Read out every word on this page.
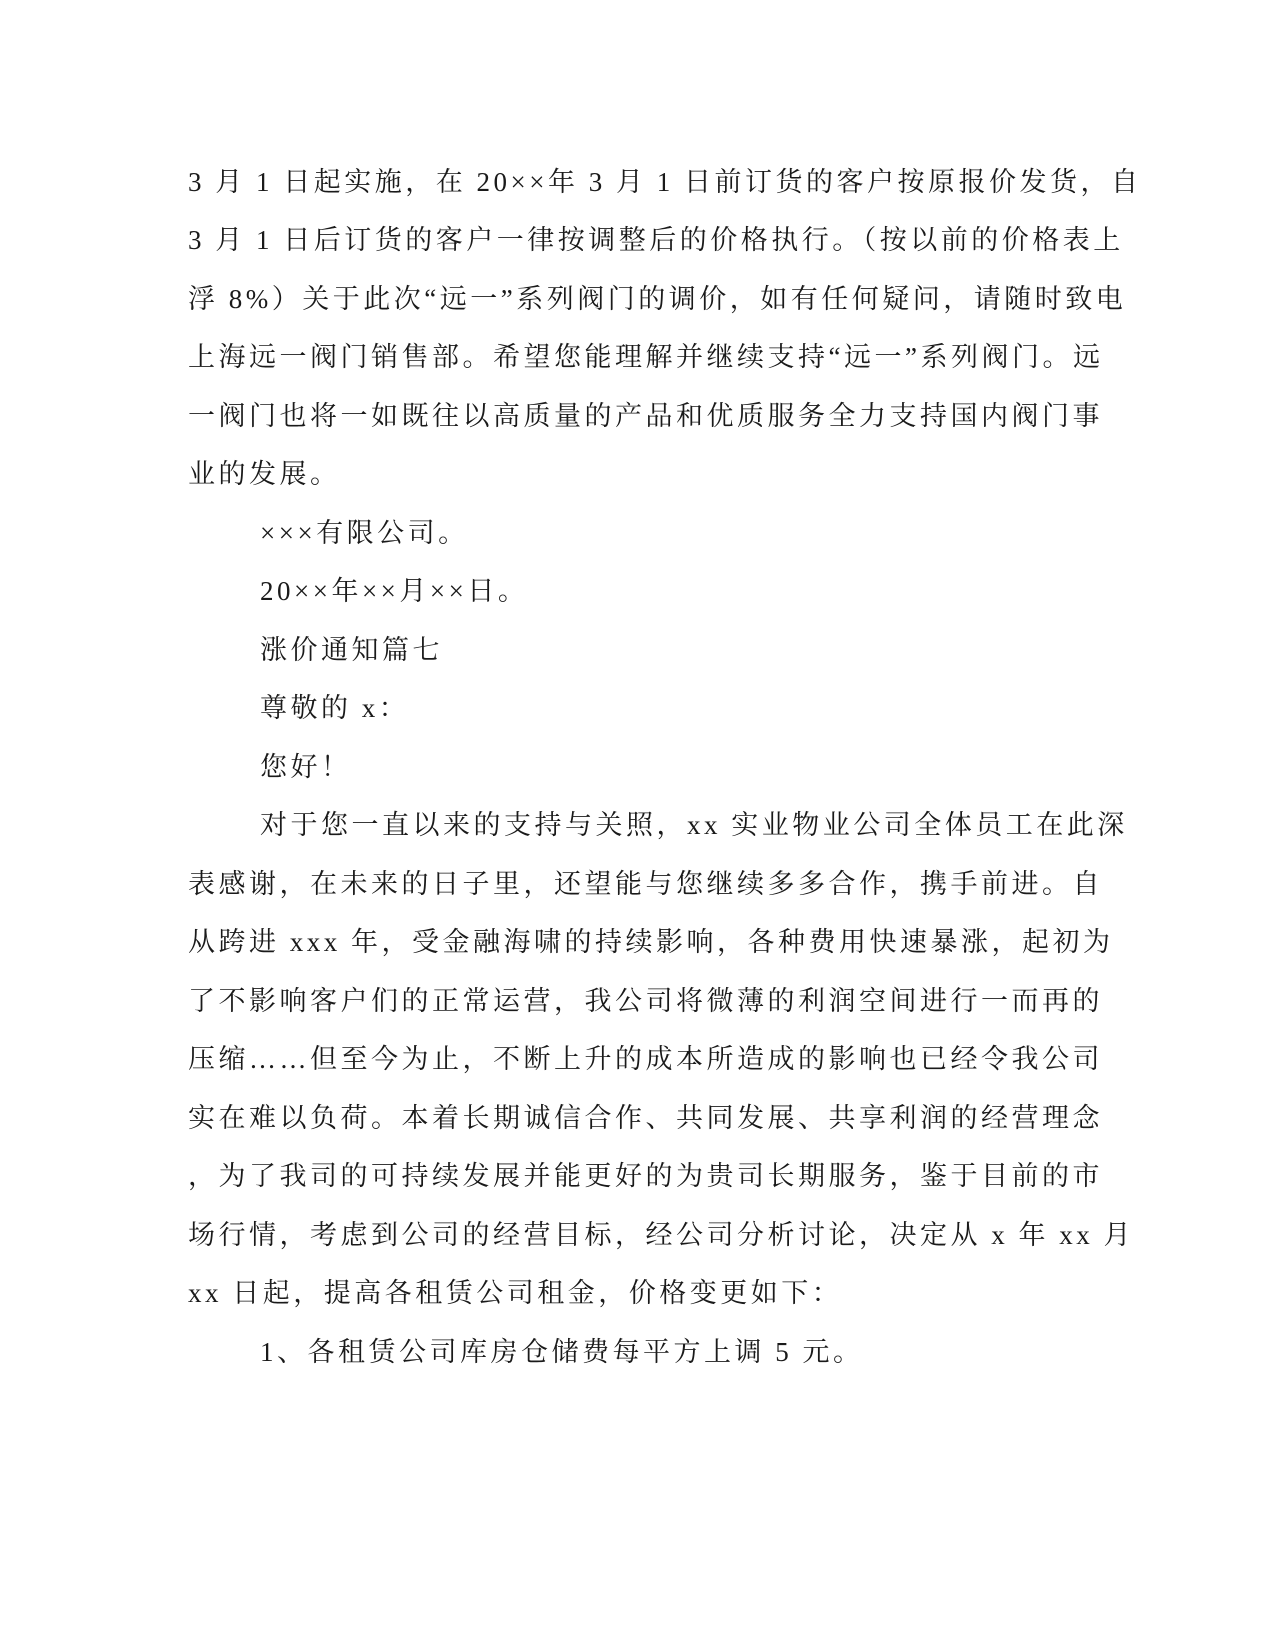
3 月 1 日起实施，在 20××年 3 月 1 日前订货的客户按原报价发货，自
3 月 1 日后订货的客户一律按调整后的价格执行。（按以前的价格表上
浮 8%）关于此次“远一”系列阀门的调价，如有任何疑问，请随时致电
上海远一阀门销售部。希望您能理解并继续支持“远一”系列阀门。远
一阀门也将一如既往以高质量的产品和优质服务全力支持国内阀门事
业的发展。
×××有限公司。
20××年××月××日。
涨价通知篇七
尊敬的 x：
您好！
对于您一直以来的支持与关照，xx 实业物业公司全体员工在此深
表感谢，在未来的日子里，还望能与您继续多多合作，携手前进。自
从跨进 xxx 年，受金融海啸的持续影响，各种费用快速暴涨，起初为
了不影响客户们的正常运营，我公司将微薄的利润空间进行一而再的
压缩……但至今为止，不断上升的成本所造成的影响也已经令我公司
实在难以负荷。本着长期诚信合作、共同发展、共享利润的经营理念
，为了我司的可持续发展并能更好的为贵司长期服务，鉴于目前的市
场行情，考虑到公司的经营目标，经公司分析讨论，决定从 x 年 xx 月
xx 日起，提高各租赁公司租金，价格变更如下：
1、各租赁公司库房仓储费每平方上调 5 元。
